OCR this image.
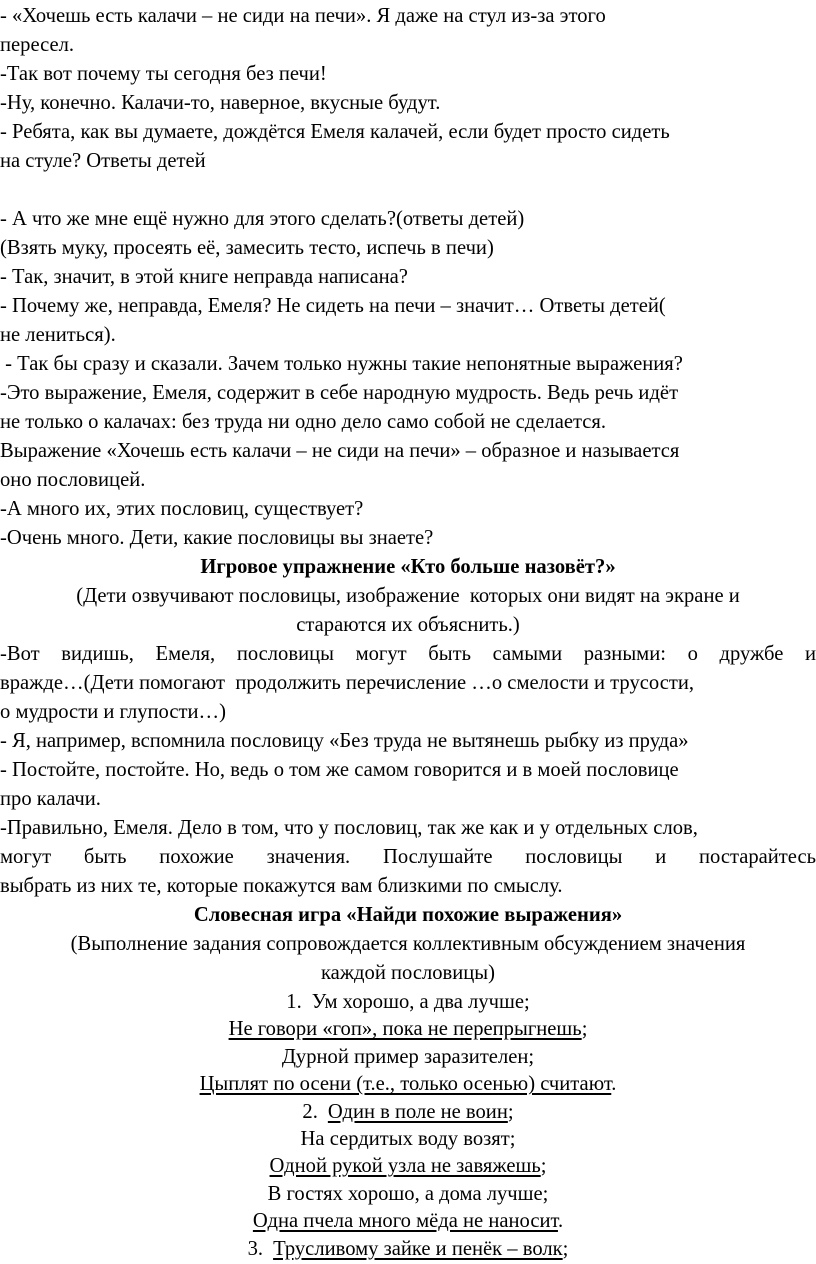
- «Хочешь есть калачи – не сиди на печи». Я даже на стул из-за этого
пересел.
-Так вот почему ты сегодня без печи!
-Ну, конечно. Калачи-то, наверное, вкусные будут.
- Ребята, как вы думаете, дождётся Емеля калачей, если будет просто сидеть
на стуле? Ответы детей
- А что же мне ещё нужно для этого сделать?(ответы детей)
(Взять муку, просеять её, замесить тесто, испечь в печи)
- Так, значит, в этой книге неправда написана?
- Почему же, неправда, Емеля? Не сидеть на печи – значит… Ответы детей(
не лениться).
- Так бы сразу и сказали. Зачем только нужны такие непонятные выражения?
-Это выражение, Емеля, содержит в себе народную мудрость. Ведь речь идёт
не только о калачах: без труда ни одно дело само собой не сделается.
Выражение «Хочешь есть калачи – не сиди на печи» – образное и называется
оно пословицей.
-А много их, этих пословиц, существует?
-Очень много. Дети, какие пословицы вы знаете?
Игровое упражнение «Кто больше назовёт?»
(Дети озвучивают пословицы, изображение  которых они видят на экране и
стараются их объяснить.)
-Вот видишь, Емеля, пословицы могут быть самыми разными: о дружбе и
вражде…(Дети помогают  продолжить перечисление …о смелости и трусости,
о мудрости и глупости…)
- Я, например, вспомнила пословицу «Без труда не вытянешь рыбку из пруда»
- Постойте, постойте. Но, ведь о том же самом говорится и в моей пословице
про калачи.
-Правильно, Емеля. Дело в том, что у пословиц, так же как и у отдельных слов,
могут быть похожие значения. Послушайте пословицы и постарайтесь
выбрать из них те, которые покажутся вам близкими по смыслу.
Словесная игра «Найди похожие выражения»
(Выполнение задания сопровождается коллективным обсуждением значения
каждой пословицы)
1. Ум хорошо, а два лучше;
Не говори «гоп», пока не перепрыгнешь;
Дурной пример заразителен;
Цыплят по осени (т.е., только осенью) считают.
2. Один в поле не воин;
На сердитых воду возят;
Одной рукой узла не завяжешь;
В гостях хорошо, а дома лучше;
Одна пчела много мёда не наносит.
3. Трусливому зайке и пенёк – волк;
